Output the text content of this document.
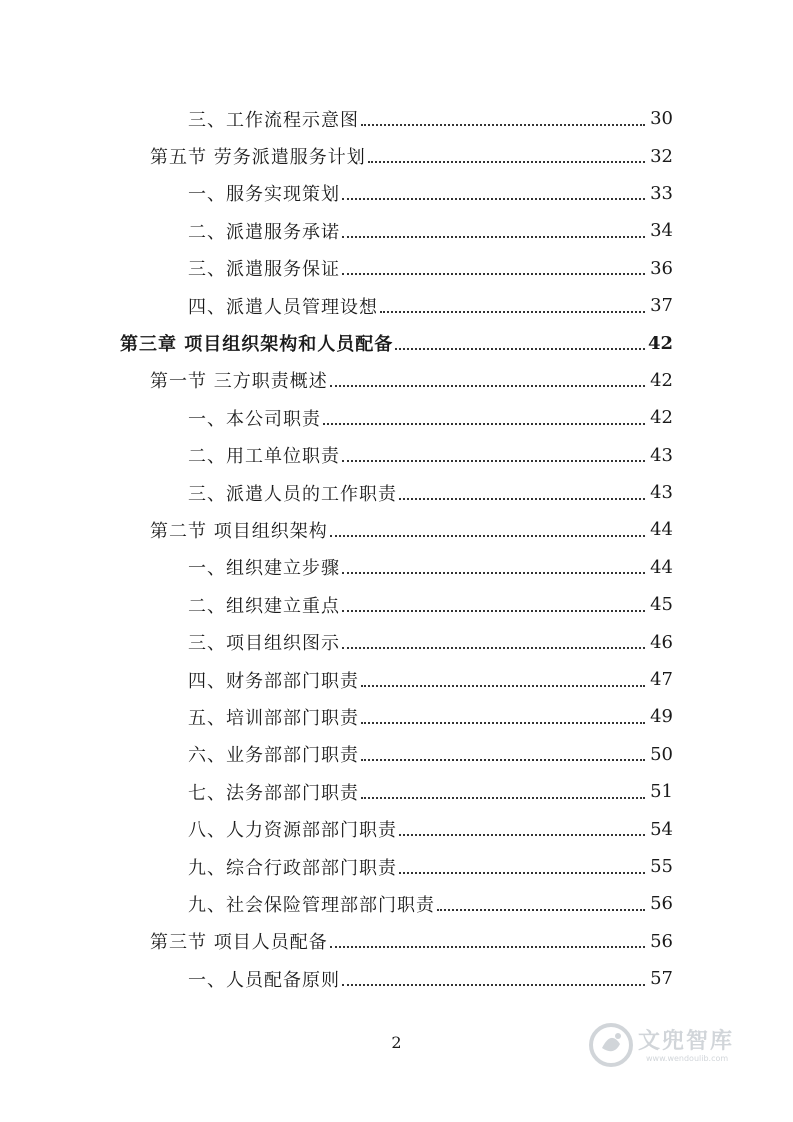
三、工作流程示意图	30
第五节 劳务派遣服务计划	32
一、服务实现策划	33
二、派遣服务承诺	34
三、派遣服务保证	36
四、派遣人员管理设想	37
第三章 项目组织架构和人员配备	42
第一节 三方职责概述	42
一、本公司职责	42
二、用工单位职责	43
三、派遣人员的工作职责	43
第二节 项目组织架构	44
一、组织建立步骤	44
二、组织建立重点	45
三、项目组织图示	46
四、财务部部门职责	47
五、培训部部门职责	49
六、业务部部门职责	50
七、法务部部门职责	51
八、人力资源部部门职责	54
九、综合行政部部门职责	55
九、社会保险管理部部门职责	56
第三节 项目人员配备	56
一、人员配备原则	57
2	文兜智库
www.wendoulib.com
